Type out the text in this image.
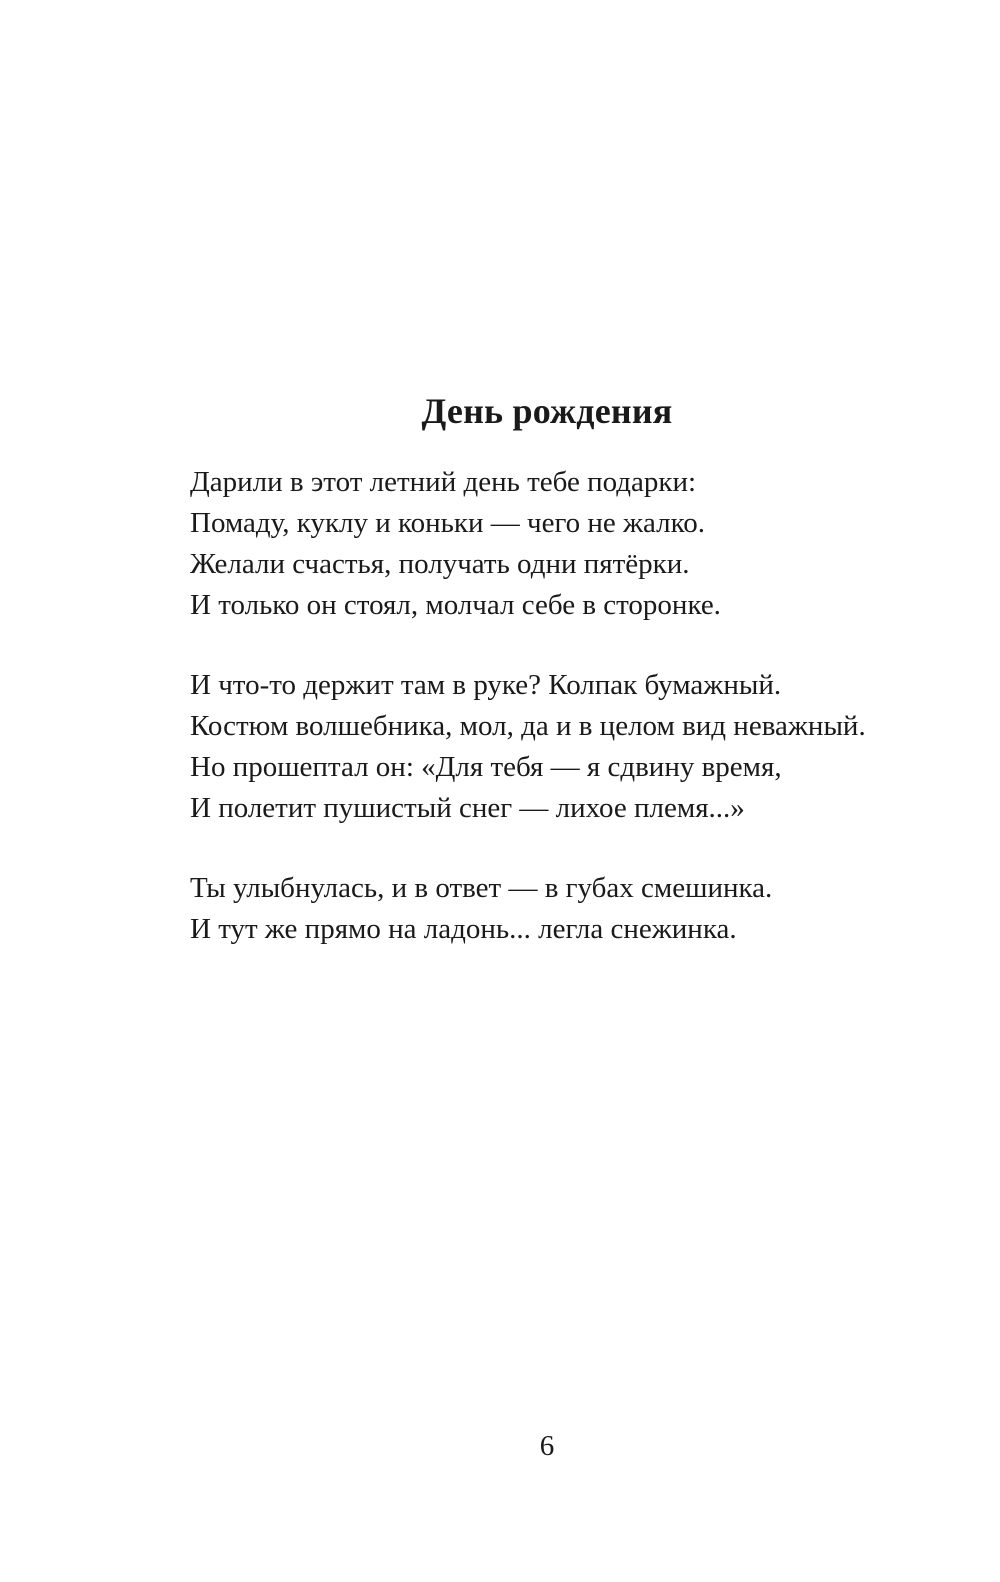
День рождения
Дарили в этот летний день тебе подарки:
Помаду, куклу и коньки — чего не жалко.
Желали счастья, получать одни пятёрки.
И только он стоял, молчал себе в сторонке.
И что-то держит там в руке? Колпак бумажный.
Костюм волшебника, мол, да и в целом вид неважный.
Но прошептал он: «Для тебя — я сдвину время,
И полетит пушистый снег — лихое племя...»
Ты улыбнулась, и в ответ — в губах смешинка.
И тут же прямо на ладонь... легла снежинка.
6
